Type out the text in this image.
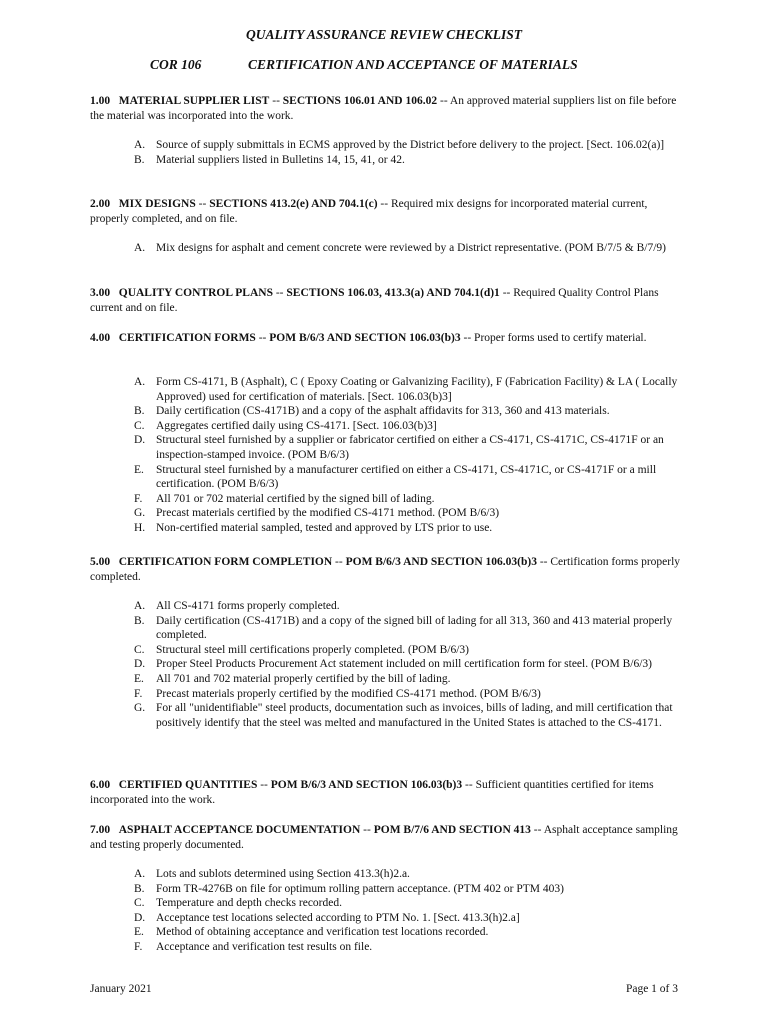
QUALITY ASSURANCE REVIEW CHECKLIST
COR 106	CERTIFICATION AND ACCEPTANCE OF MATERIALS

1.00 MATERIAL SUPPLIER LIST -- SECTIONS 106.01 AND 106.02 -- An approved material suppliers list on file before the material was incorporated into the work.

A. Source of supply submittals in ECMS approved by the District before delivery to the project. [Sect. 106.02(a)]
B. Material suppliers listed in Bulletins 14, 15, 41, or 42.

2.00 MIX DESIGNS -- SECTIONS 413.2(e) AND 704.1(c) -- Required mix designs for incorporated material current, properly completed, and on file.

A. Mix designs for asphalt and cement concrete were reviewed by a District representative. (POM B/7/5 & B/7/9)

3.00 QUALITY CONTROL PLANS -- SECTIONS 106.03, 413.3(a) AND 704.1(d)1 -- Required Quality Control Plans current and on file.

4.00 CERTIFICATION FORMS -- POM B/6/3 AND SECTION 106.03(b)3 -- Proper forms used to certify material.

A. Form CS-4171, B (Asphalt), C ( Epoxy Coating or Galvanizing Facility), F (Fabrication Facility) & LA ( Locally Approved) used for certification of materials. [Sect. 106.03(b)3]
B. Daily certification (CS-4171B) and a copy of the asphalt affidavits for 313, 360 and 413 materials.
C. Aggregates certified daily using CS-4171. [Sect. 106.03(b)3]
D. Structural steel furnished by a supplier or fabricator certified on either a CS-4171, CS-4171C, CS-4171F or an inspection-stamped invoice. (POM B/6/3)
E. Structural steel furnished by a manufacturer certified on either a CS-4171, CS-4171C, or CS-4171F or a mill certification. (POM B/6/3)
F. All 701 or 702 material certified by the signed bill of lading.
G. Precast materials certified by the modified CS-4171 method. (POM B/6/3)
H. Non-certified material sampled, tested and approved by LTS prior to use.

5.00 CERTIFICATION FORM COMPLETION -- POM B/6/3 AND SECTION 106.03(b)3 -- Certification forms properly completed.

A. All CS-4171 forms properly completed.
B. Daily certification (CS-4171B) and a copy of the signed bill of lading for all 313, 360 and 413 material properly completed.
C. Structural steel mill certifications properly completed. (POM B/6/3)
D. Proper Steel Products Procurement Act statement included on mill certification form for steel. (POM B/6/3)
E. All 701 and 702 material properly certified by the bill of lading.
F. Precast materials properly certified by the modified CS-4171 method. (POM B/6/3)
G. For all "unidentifiable" steel products, documentation such as invoices, bills of lading, and mill certification that positively identify that the steel was melted and manufactured in the United States is attached to the CS-4171.

6.00 CERTIFIED QUANTITIES -- POM B/6/3 AND SECTION 106.03(b)3 -- Sufficient quantities certified for items incorporated into the work.

7.00 ASPHALT ACCEPTANCE DOCUMENTATION -- POM B/7/6 AND SECTION 413 -- Asphalt acceptance sampling and testing properly documented.

A. Lots and sublots determined using Section 413.3(h)2.a.
B. Form TR-4276B on file for optimum rolling pattern acceptance. (PTM 402 or PTM 403)
C. Temperature and depth checks recorded.
D. Acceptance test locations selected according to PTM No. 1. [Sect. 413.3(h)2.a]
E. Method of obtaining acceptance and verification test locations recorded.
F. Acceptance and verification test results on file.
January 2021	Page 1 of 3
